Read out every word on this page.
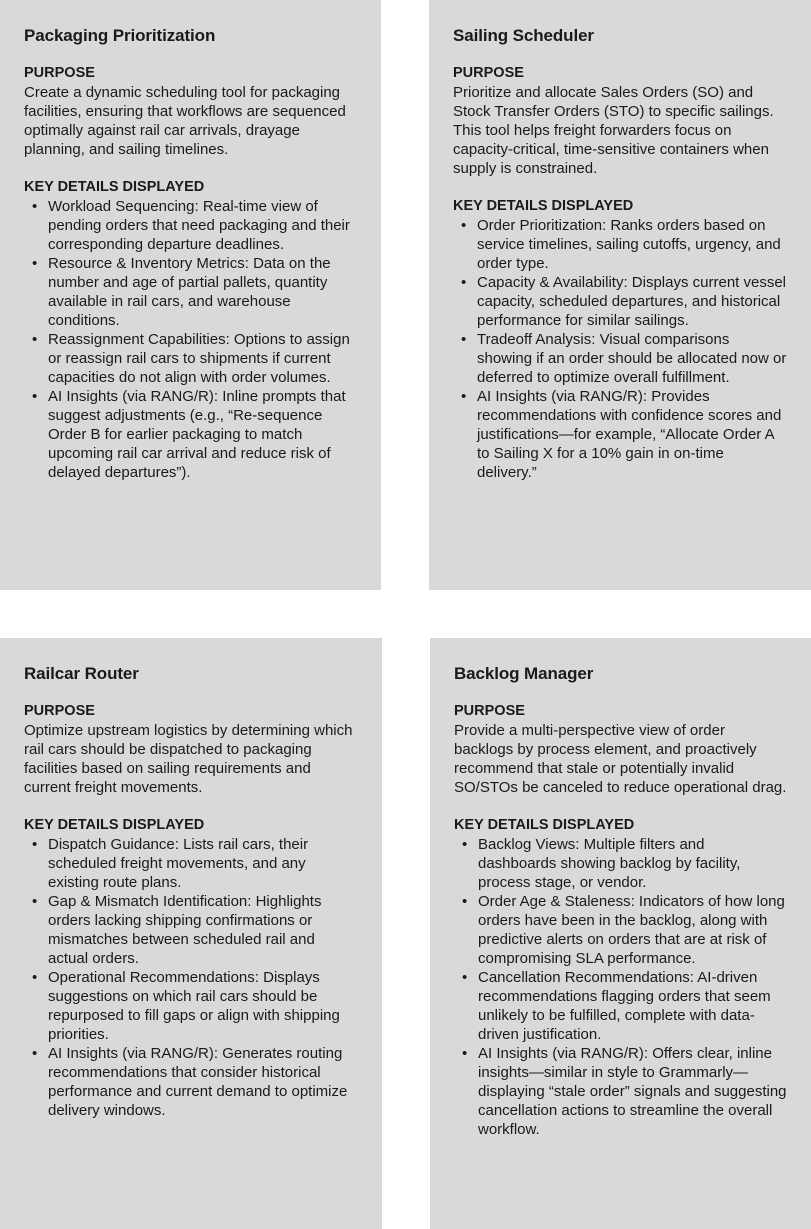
Packaging Prioritization
PURPOSE
Create a dynamic scheduling tool for packaging facilities, ensuring that workflows are sequenced optimally against rail car arrivals, drayage planning, and sailing timelines.
KEY DETAILS DISPLAYED
• Workload Sequencing: Real-time view of pending orders that need packaging and their corresponding departure deadlines.
• Resource & Inventory Metrics: Data on the number and age of partial pallets, quantity available in rail cars, and warehouse conditions.
• Reassignment Capabilities: Options to assign or reassign rail cars to shipments if current capacities do not align with order volumes.
• AI Insights (via RANG/R): Inline prompts that suggest adjustments (e.g., “Re-sequence Order B for earlier packaging to match upcoming rail car arrival and reduce risk of delayed departures”).
Sailing Scheduler
PURPOSE
Prioritize and allocate Sales Orders (SO) and Stock Transfer Orders (STO) to specific sailings. This tool helps freight forwarders focus on capacity-critical, time-sensitive containers when supply is constrained.
KEY DETAILS DISPLAYED
• Order Prioritization: Ranks orders based on service timelines, sailing cutoffs, urgency, and order type.
• Capacity & Availability: Displays current vessel capacity, scheduled departures, and historical performance for similar sailings.
• Tradeoff Analysis: Visual comparisons showing if an order should be allocated now or deferred to optimize overall fulfillment.
• AI Insights (via RANG/R): Provides recommendations with confidence scores and justifications—for example, “Allocate Order A to Sailing X for a 10% gain in on-time delivery.”
Railcar Router
PURPOSE
Optimize upstream logistics by determining which rail cars should be dispatched to packaging facilities based on sailing requirements and current freight movements.
KEY DETAILS DISPLAYED
• Dispatch Guidance: Lists rail cars, their scheduled freight movements, and any existing route plans.
• Gap & Mismatch Identification: Highlights orders lacking shipping confirmations or mismatches between scheduled rail and actual orders.
• Operational Recommendations: Displays suggestions on which rail cars should be repurposed to fill gaps or align with shipping priorities.
• AI Insights (via RANG/R): Generates routing recommendations that consider historical performance and current demand to optimize delivery windows.
Backlog Manager
PURPOSE
Provide a multi-perspective view of order backlogs by process element, and proactively recommend that stale or potentially invalid SO/STOs be canceled to reduce operational drag.
KEY DETAILS DISPLAYED
• Backlog Views: Multiple filters and dashboards showing backlog by facility, process stage, or vendor.
• Order Age & Staleness: Indicators of how long orders have been in the backlog, along with predictive alerts on orders that are at risk of compromising SLA performance.
• Cancellation Recommendations: AI-driven recommendations flagging orders that seem unlikely to be fulfilled, complete with data-driven justification.
• AI Insights (via RANG/R): Offers clear, inline insights—similar in style to Grammarly—displaying “stale order” signals and suggesting cancellation actions to streamline the overall workflow.
